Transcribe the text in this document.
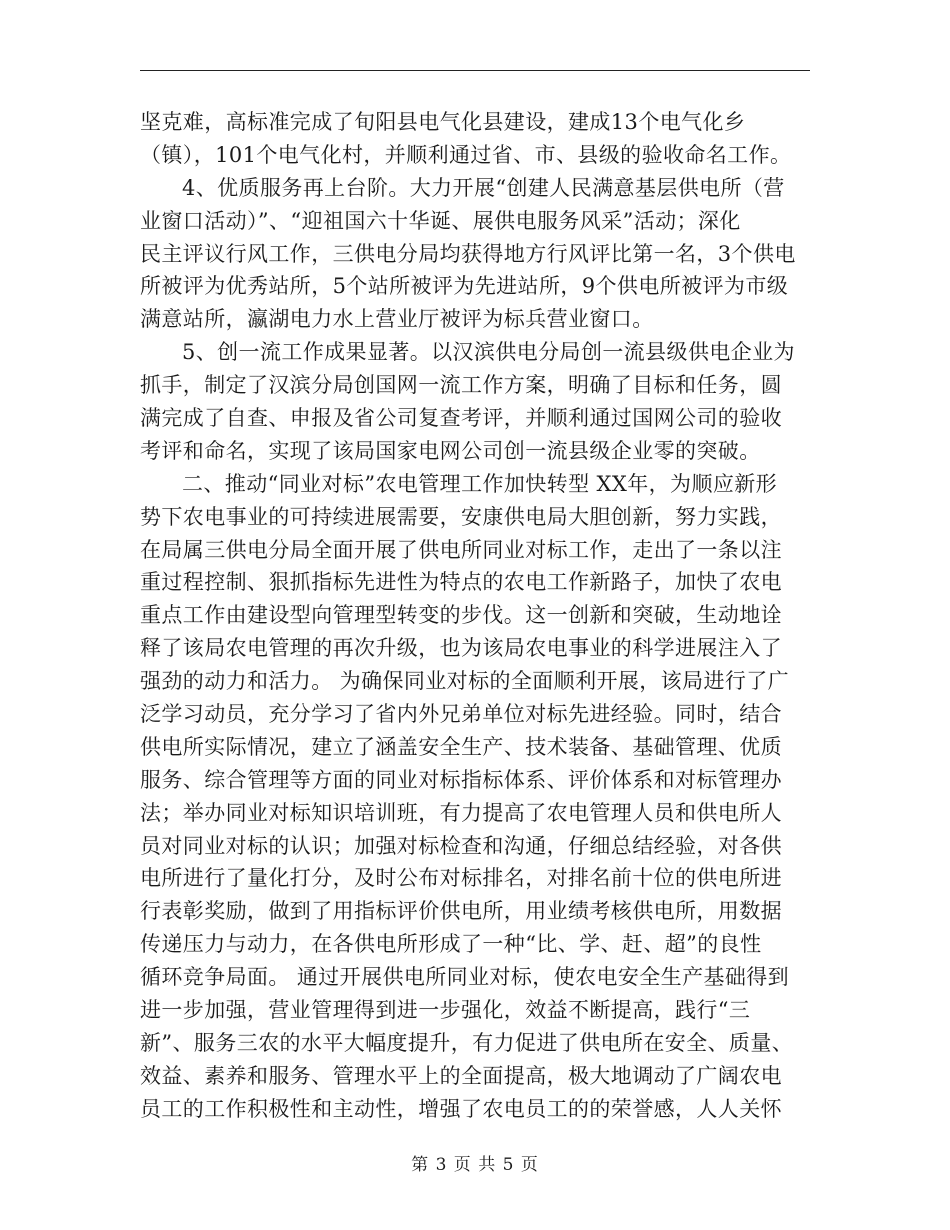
坚克难，高标准完成了旬阳县电气化县建设，建成13个电气化乡
（镇），101个电气化村，并顺利通过省、市、县级的验收命名工作。
4、优质服务再上台阶。大力开展“创建人民满意基层供电所（营
业窗口活动）”、“迎祖国六十华诞、展供电服务风采”活动；深化
民主评议行风工作，三供电分局均获得地方行风评比第一名，3个供电
所被评为优秀站所，5个站所被评为先进站所，9个供电所被评为市级
满意站所，瀛湖电力水上营业厅被评为标兵营业窗口。
5、创一流工作成果显著。以汉滨供电分局创一流县级供电企业为
抓手，制定了汉滨分局创国网一流工作方案，明确了目标和任务，圆
满完成了自查、申报及省公司复查考评，并顺利通过国网公司的验收
考评和命名，实现了该局国家电网公司创一流县级企业零的突破。
二、推动“同业对标”农电管理工作加快转型 XX年，为顺应新形
势下农电事业的可持续进展需要，安康供电局大胆创新，努力实践，
在局属三供电分局全面开展了供电所同业对标工作，走出了一条以注
重过程控制、狠抓指标先进性为特点的农电工作新路子，加快了农电
重点工作由建设型向管理型转变的步伐。这一创新和突破，生动地诠
释了该局农电管理的再次升级，也为该局农电事业的科学进展注入了
强劲的动力和活力。 为确保同业对标的全面顺利开展，该局进行了广
泛学习动员，充分学习了省内外兄弟单位对标先进经验。同时，结合
供电所实际情况，建立了涵盖安全生产、技术装备、基础管理、优质
服务、综合管理等方面的同业对标指标体系、评价体系和对标管理办
法；举办同业对标知识培训班，有力提高了农电管理人员和供电所人
员对同业对标的认识；加强对标检查和沟通，仔细总结经验，对各供
电所进行了量化打分，及时公布对标排名，对排名前十位的供电所进
行表彰奖励，做到了用指标评价供电所，用业绩考核供电所，用数据
传递压力与动力，在各供电所形成了一种“比、学、赶、超”的良性
循环竞争局面。 通过开展供电所同业对标，使农电安全生产基础得到
进一步加强，营业管理得到进一步强化，效益不断提高，践行“三
新”、服务三农的水平大幅度提升，有力促进了供电所在安全、质量、
效益、素养和服务、管理水平上的全面提高，极大地调动了广阔农电
员工的工作积极性和主动性，增强了农电员工的的荣誉感，人人关怀
第 3 页 共 5 页
